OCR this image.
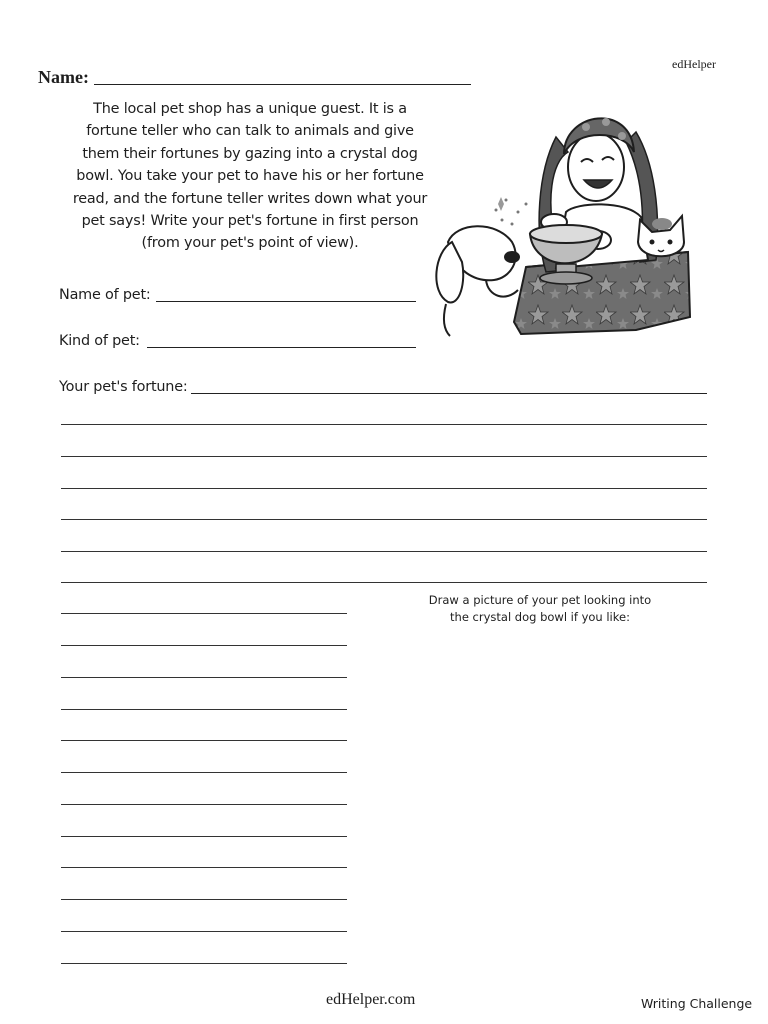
edHelper
Name:
The local pet shop has a unique guest. It is a
fortune teller who can talk to animals and give
them their fortunes by gazing into a crystal dog
bowl. You take your pet to have his or her fortune
read, and the fortune teller writes down what your
pet says! Write your pet's fortune in first person
(from your pet's point of view).
Name of pet:
Kind of pet:
Your pet's fortune:
Draw a picture of your pet looking into
the crystal dog bowl if you like:
edHelper.com	Writing Challenge
